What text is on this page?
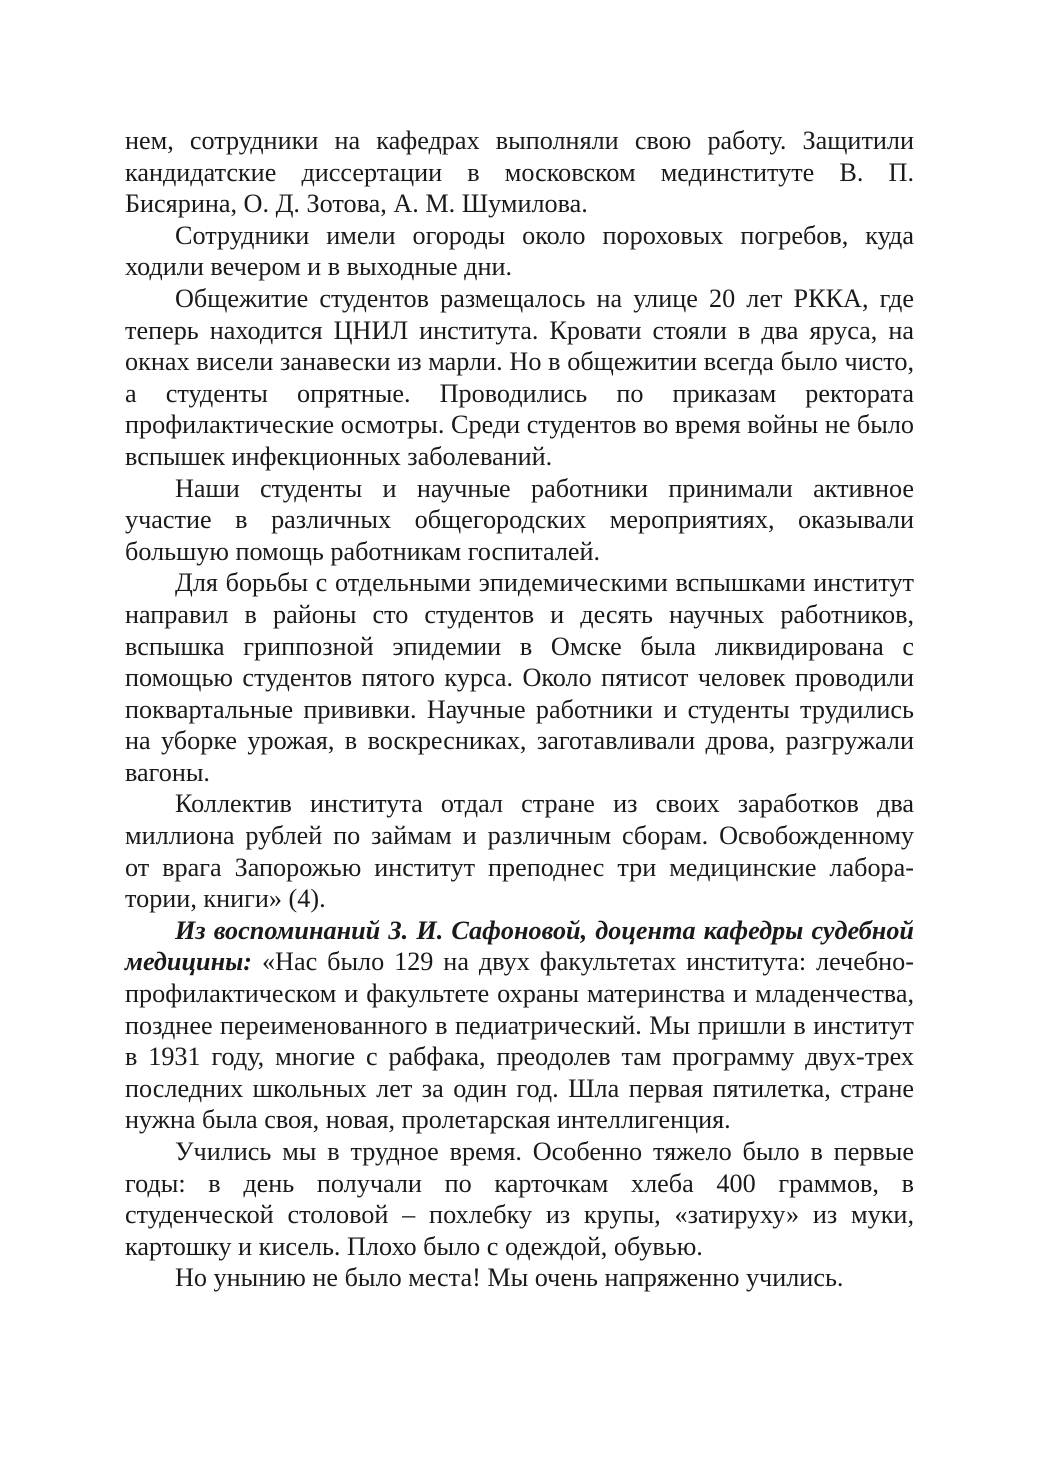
нем, сотрудники на кафедрах выполняли свою работу. Защитили кандидатские диссертации в московском мединституте В. П. Бисярина, О. Д. Зотова, А. М. Шумилова.

Сотрудники имели огороды около пороховых погребов, куда ходили вечером и в выходные дни.

Общежитие студентов размещалось на улице 20 лет РККА, где теперь находится ЦНИЛ института. Кровати стояли в два яруса, на окнах висели занавески из марли. Но в общежитии всегда было чисто, а студенты опрятные. Проводились по приказам ректората профилактические осмотры. Среди студентов во время войны не было вспышек инфекционных заболеваний.

Наши студенты и научные работники принимали активное участие в различных общегородских мероприятиях, оказывали большую помощь работникам госпиталей.

Для борьбы с отдельными эпидемическими вспышками институт направил в районы сто студентов и десять научных работников, вспышка гриппозной эпидемии в Омске была ликвидирована с помощью студентов пятого курса. Около пятисот человек проводили поквартальные прививки. Научные работники и студенты трудились на уборке урожая, в воскресниках, заготавливали дрова, разгружали вагоны.

Коллектив института отдал стране из своих заработков два миллиона рублей по займам и различным сборам. Освобожденному от врага Запорожью институт преподнес три медицинские лаборатории, книги» (4).

Из воспоминаний З. И. Сафоновой, доцента кафедры судебной медицины: «Нас было 129 на двух факультетах института: лечебно-профилактическом и факультете охраны материнства и младенчества, позднее переименованного в педиатрический. Мы пришли в институт в 1931 году, многие с рабфака, преодолев там программу двух-трех последних школьных лет за один год. Шла первая пятилетка, стране нужна была своя, новая, пролетарская интеллигенция.

Учились мы в трудное время. Особенно тяжело было в первые годы: в день получали по карточкам хлеба 400 граммов, в студенческой столовой – похлебку из крупы, «затируху» из муки, картошку и кисель. Плохо было с одеждой, обувью.

Но унынию не было места! Мы очень напряженно учились.
